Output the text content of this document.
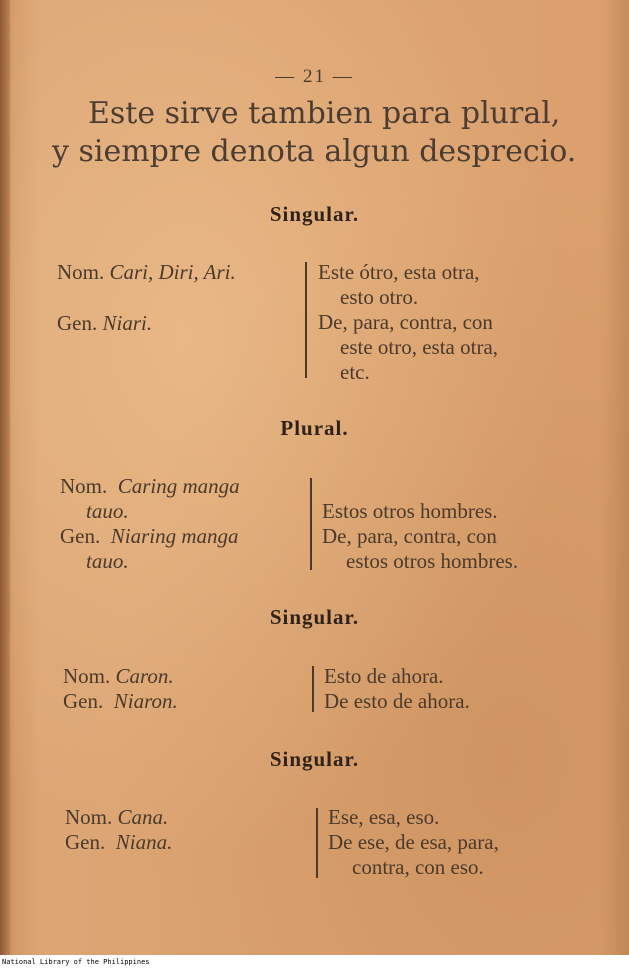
— 21 —
Este sirve tambien para plural,
y siempre denota algun desprecio.
Singular.
Nom. Cari, Diri, Ari.
Gen. Niari.
Este ótro, esta otra,
esto otro.
De, para, contra, con
este otro, esta otra,
etc.
Plural.
Nom. Caring manga
tauo.
Gen. Niaring manga
tauo.
Estos otros hombres.
De, para, contra, con
estos otros hombres.
Singular.
Nom. Caron.
Gen. Niaron.
Esto de ahora.
De esto de ahora.
Singular.
Nom. Cana.
Gen. Niana.
Ese, esa, eso.
De ese, de esa, para,
contra, con eso.
National Library of the Philippines
